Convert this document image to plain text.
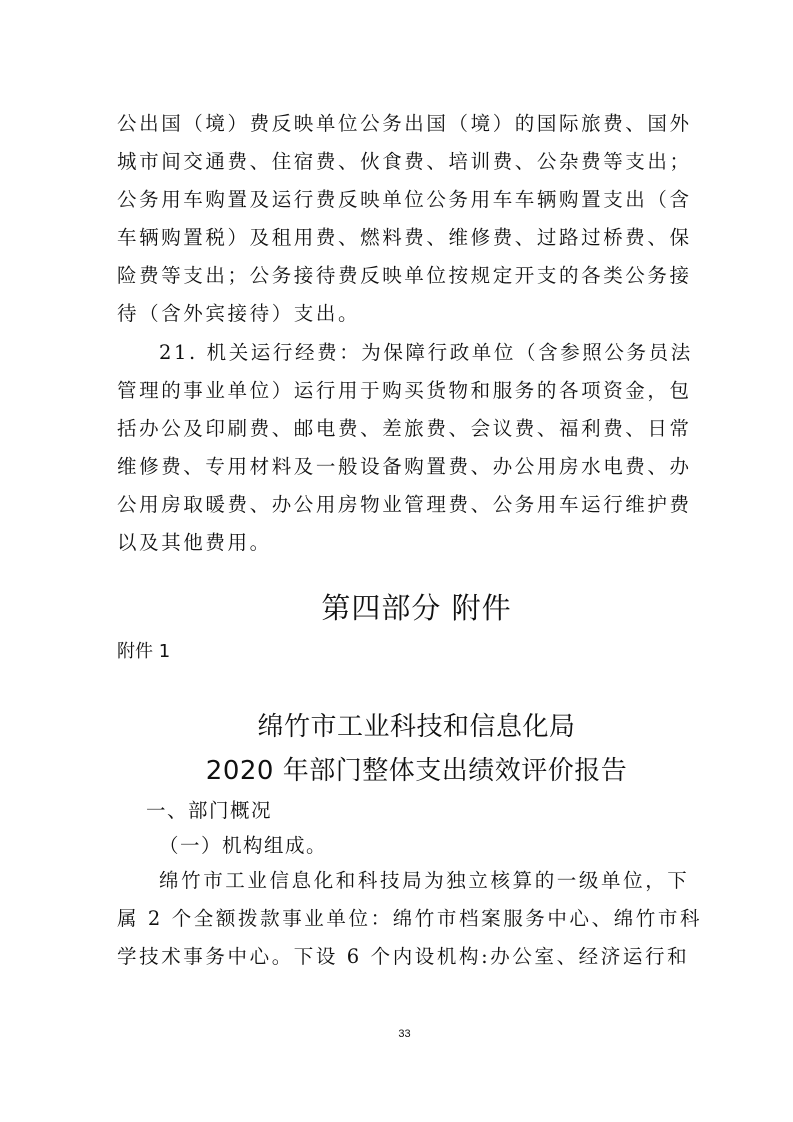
公出国（境）费反映单位公务出国（境）的国际旅费、国外
城市间交通费、住宿费、伙食费、培训费、公杂费等支出；
公务用车购置及运行费反映单位公务用车车辆购置支出（含
车辆购置税）及租用费、燃料费、维修费、过路过桥费、保
险费等支出；公务接待费反映单位按规定开支的各类公务接
待（含外宾接待）支出。
21. 机关运行经费：为保障行政单位（含参照公务员法
管理的事业单位）运行用于购买货物和服务的各项资金，包
括办公及印刷费、邮电费、差旅费、会议费、福利费、日常
维修费、专用材料及一般设备购置费、办公用房水电费、办
公用房取暖费、办公用房物业管理费、公务用车运行维护费
以及其他费用。
第四部分 附件
附件 1
绵竹市工业科技和信息化局
2020 年部门整体支出绩效评价报告
一、部门概况
（一）机构组成。
绵竹市工业信息化和科技局为独立核算的一级单位，下
属 2 个全额拨款事业单位：绵竹市档案服务中心、绵竹市科
学技术事务中心。下设 6 个内设机构:办公室、经济运行和
33
